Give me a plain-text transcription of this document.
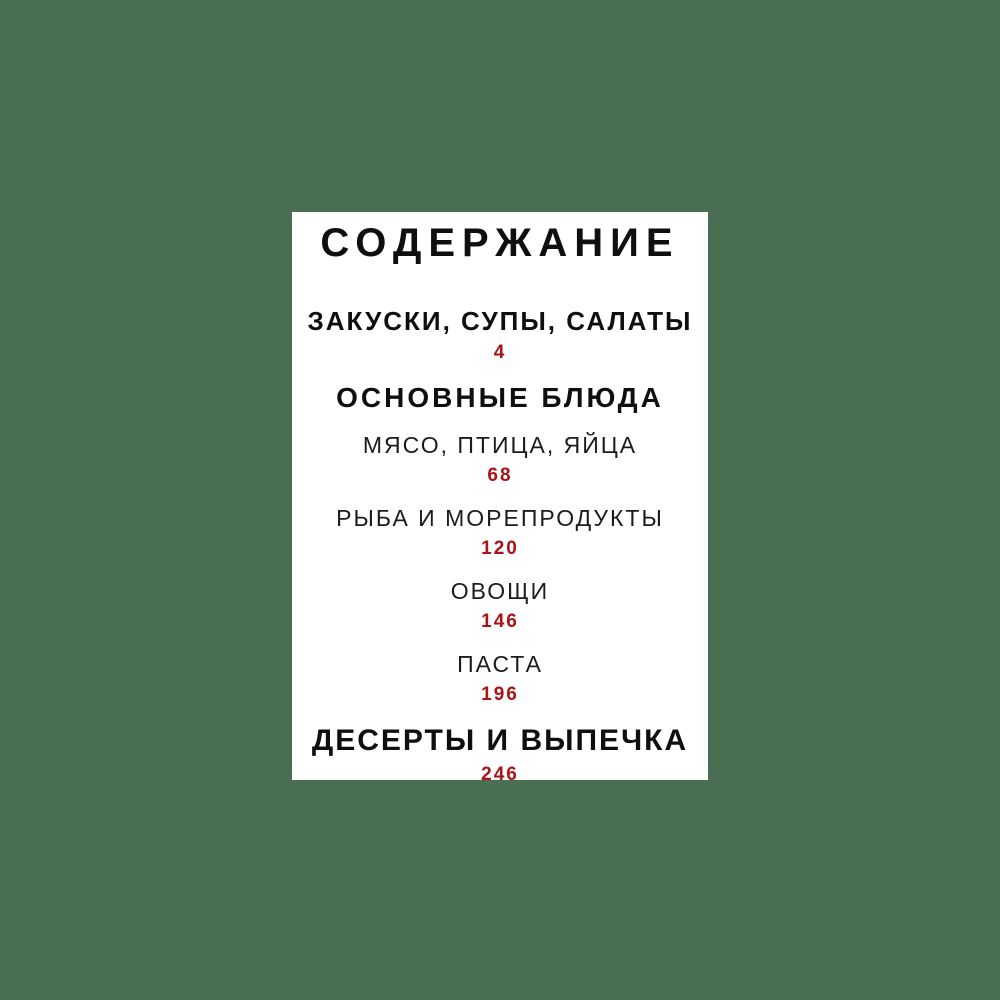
СОДЕРЖАНИЕ
ЗАКУСКИ, СУПЫ, САЛАТЫ
4
ОСНОВНЫЕ БЛЮДА
МЯСО, ПТИЦА, ЯЙЦА
68
РЫБА И МОРЕПРОДУКТЫ
120
ОВОЩИ
146
ПАСТА
196
ДЕСЕРТЫ И ВЫПЕЧКА
246
